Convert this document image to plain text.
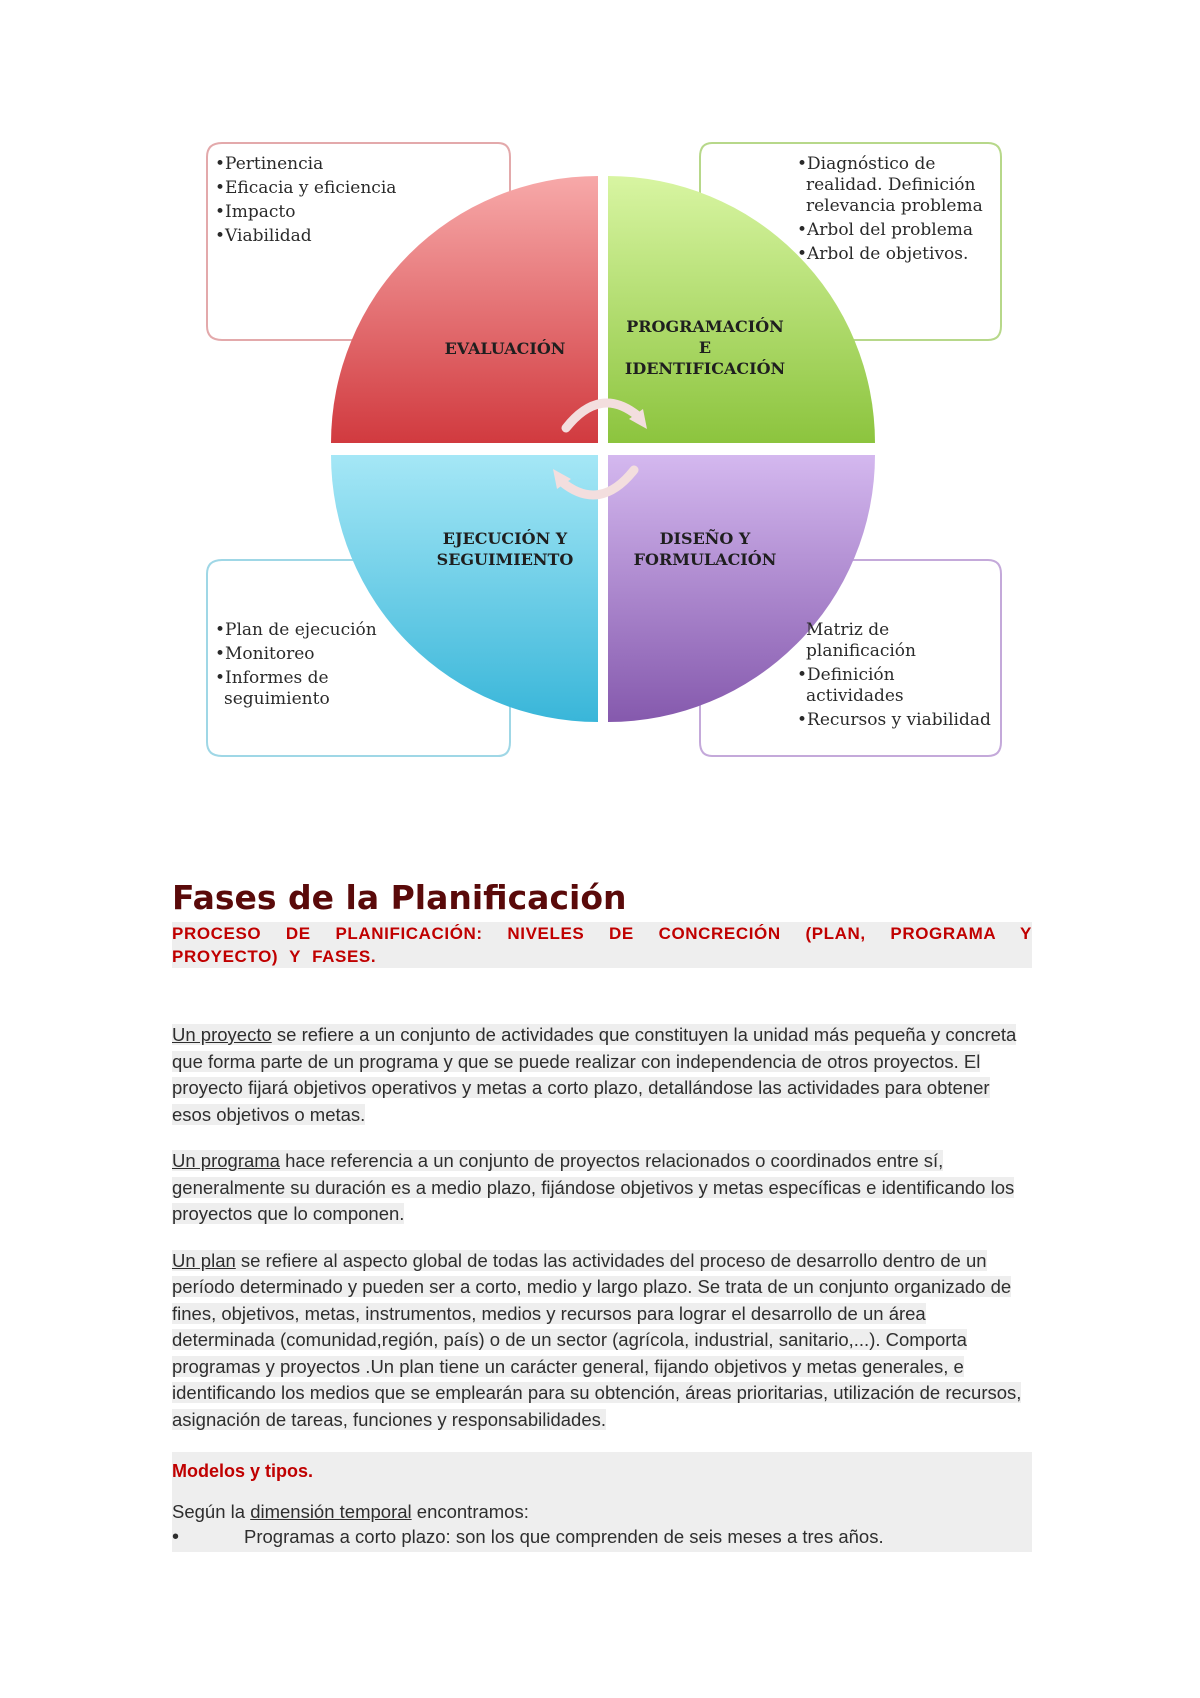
•Pertinencia
•Eficacia y eficiencia
•Impacto
•Viabilidad
•Diagnóstico de
realidad. Definición
relevancia problema
•Arbol del problema
•Arbol de objetivos.
•Plan de ejecución
•Monitoreo
•Informes de
seguimiento
Matriz de
planificación
•Definición
actividades
•Recursos y viabilidad
EVALUACIÓN
PROGRAMACIÓN
E
IDENTIFICACIÓN
EJECUCIÓN Y
SEGUIMIENTO
DISEÑO Y
FORMULACIÓN
Fases de la Planificación
PROCESO DE PLANIFICACIÓN: NIVELES DE CONCRECIÓN (PLAN, PROGRAMA Y PROYECTO) Y FASES.

Un proyecto se refiere a un conjunto de actividades que constituyen la unidad más pequeña y concreta que forma parte de un programa y que se puede realizar con independencia de otros proyectos. El proyecto fijará objetivos operativos y metas a corto plazo, detallándose las actividades para obtener esos objetivos o metas.

Un programa hace referencia a un conjunto de proyectos relacionados o coordinados entre sí, generalmente su duración es a medio plazo, fijándose objetivos y metas específicas e identificando los proyectos que lo componen.

Un plan se refiere al aspecto global de todas las actividades del proceso de desarrollo dentro de un período determinado y pueden ser a corto, medio y largo plazo. Se trata de un conjunto organizado de fines, objetivos, metas, instrumentos, medios y recursos para lograr el desarrollo de un área determinada (comunidad,región, país) o de un sector (agrícola, industrial, sanitario,...). Comporta programas y proyectos .Un plan tiene un carácter general, fijando objetivos y metas generales, e identificando los medios que se emplearán para su obtención, áreas prioritarias, utilización de recursos, asignación de tareas, funciones y responsabilidades.

Modelos y tipos.
Según la dimensión temporal encontramos:
•	Programas a corto plazo: son los que comprenden de seis meses a tres años.
